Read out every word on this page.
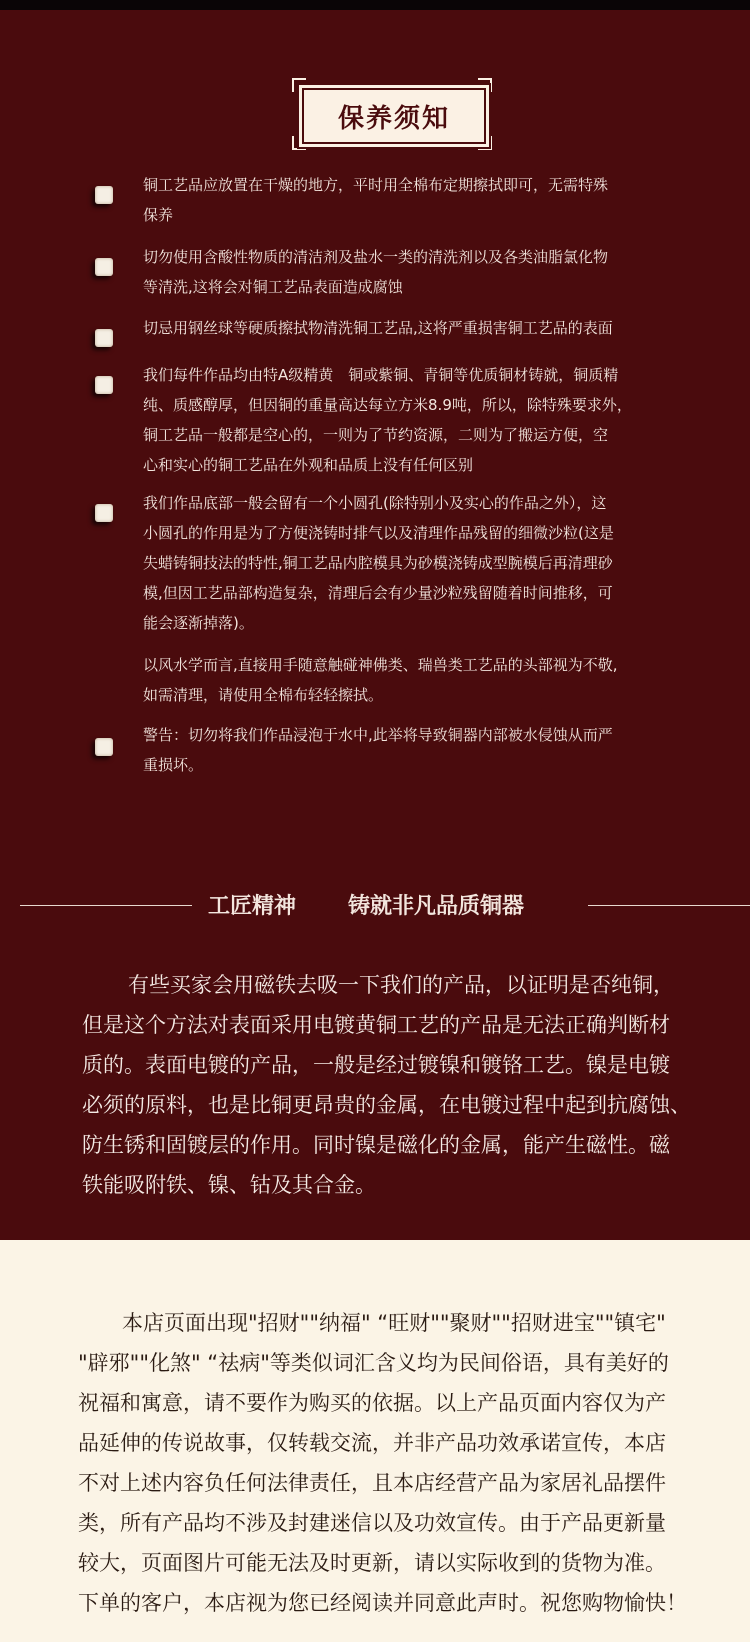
保养须知
铜工艺品应放置在干燥的地方，平时用全棉布定期擦拭即可，无需特殊
保养
切勿使用含酸性物质的清洁剂及盐水一类的清洗剂以及各类油脂氯化物
等清洗,这将会对铜工艺品表面造成腐蚀
切忌用钢丝球等硬质擦拭物清洗铜工艺品,这将严重损害铜工艺品的表面
我们每件作品均由特A级精黄　铜或紫铜、青铜等优质铜材铸就，铜质精
纯、质感醇厚，但因铜的重量高达每立方米8.9吨，所以，除特殊要求外，
铜工艺品一般都是空心的，一则为了节约资源，二则为了搬运方便，空
心和实心的铜工艺品在外观和品质上没有任何区别
我们作品底部一般会留有一个小圆孔(除特别小及实心的作品之外），这
小圆孔的作用是为了方便浇铸时排气以及清理作品残留的细微沙粒(这是
失蜡铸铜技法的特性,铜工艺品内腔模具为砂模浇铸成型腕模后再清理砂
模,但因工艺品部构造复杂，清理后会有少量沙粒残留随着时间推移，可
能会逐渐掉落)。
以风水学而言,直接用手随意触碰神佛类、瑞兽类工艺品的头部视为不敬,
如需清理，请使用全棉布轻轻擦拭。
警告：切勿将我们作品浸泡于水中,此举将导致铜器内部被水侵蚀从而严
重损坏。
工匠精神 铸就非凡品质铜器
有些买家会用磁铁去吸一下我们的产品，以证明是否纯铜，
但是这个方法对表面采用电镀黄铜工艺的产品是无法正确判断材
质的。表面电镀的产品，一般是经过镀镍和镀铬工艺。镍是电镀
必须的原料，也是比铜更昂贵的金属，在电镀过程中起到抗腐蚀、
防生锈和固镀层的作用。同时镍是磁化的金属，能产生磁性。磁
铁能吸附铁、镍、钴及其合金。
本店页面出现"招财""纳福" “旺财""聚财""招财进宝""镇宅"
"辟邪""化煞" “祛病"等类似词汇含义均为民间俗语，具有美好的
祝福和寓意，请不要作为购买的依据。以上产品页面内容仅为产
品延伸的传说故事，仅转载交流，并非产品功效承诺宣传，本店
不对上述内容负任何法律责任，且本店经营产品为家居礼品摆件
类，所有产品均不涉及封建迷信以及功效宣传。由于产品更新量
较大，页面图片可能无法及时更新，请以实际收到的货物为准。
下单的客户，本店视为您已经阅读并同意此声时。祝您购物愉快！
